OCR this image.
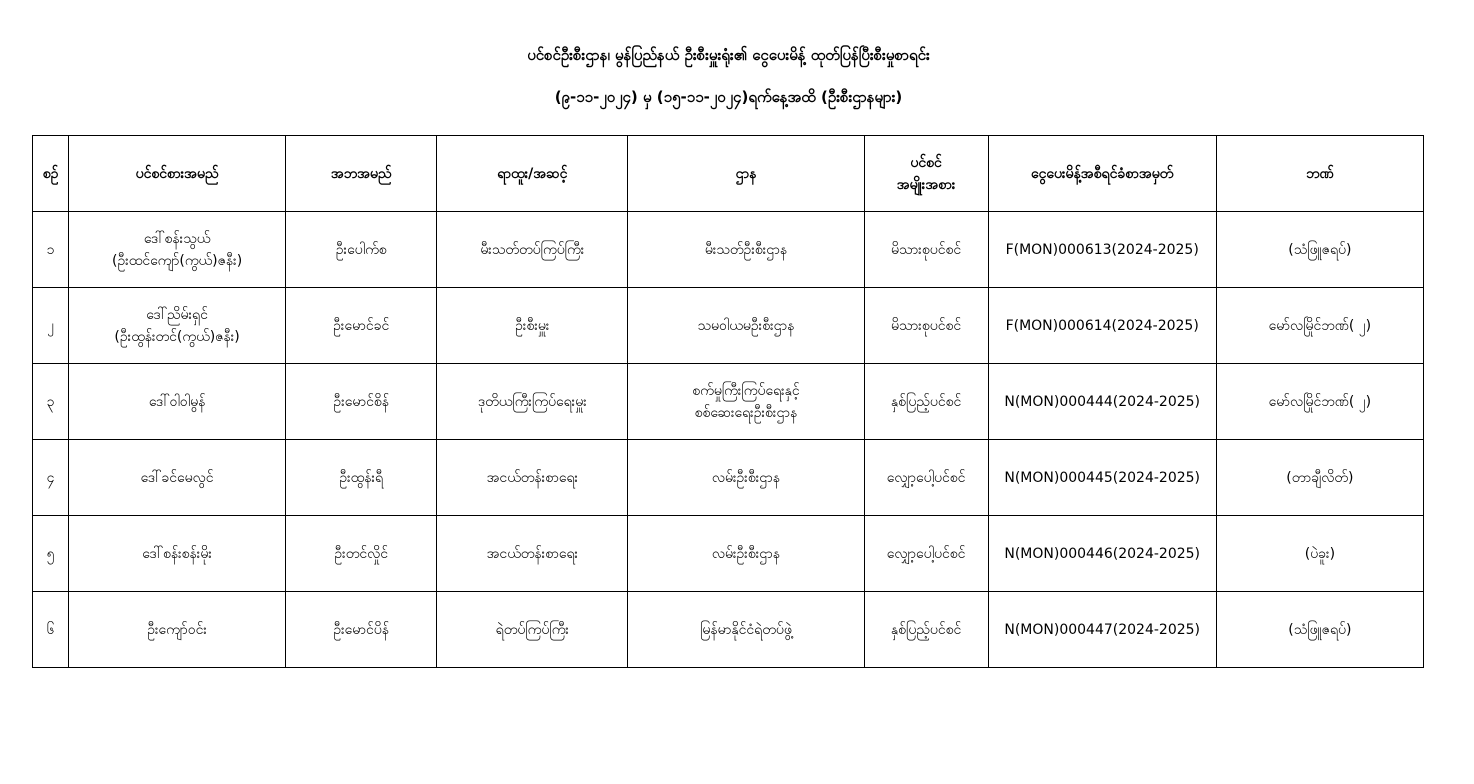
ပင်စင်ဦးစီးဌာန၊ မွန်ပြည်နယ် ဦးစီးမှူးရုံး၏ ငွေပေးမိန့် ထုတ်ပြန်ပြီးစီးမှုစာရင်း
(၉-၁၁-၂၀၂၄) မှ (၁၅-၁၁-၂၀၂၄)ရက်နေ့အထိ (ဦးစီးဌာနများ)
စဉ်	ပင်စင်စားအမည်	အဘအမည်	ရာထူး/အဆင့်	ဌာန	ပင်စင်
အမျိုးအစား	ငွေပေးမိန့်အစီရင်ခံစာအမှတ်	ဘဏ်
၁	ဒေါ်စန်းသွယ်
(ဦးထင်ကျော်(ကွယ်)ဇနီး)	ဦးပေါက်စ	မီးသတ်တပ်ကြပ်ကြီး	မီးသတ်ဦးစီးဌာန	မိသားစုပင်စင်	F(MON)000613(2024-2025)	(သံဖြူဇရပ်)
၂	ဒေါ်ညိမ်းရှင်
(ဦးထွန်းတင်(ကွယ်)ဇနီး)	ဦးမောင်ခင်	ဦးစီးမှူး	သမဝါယမဦးစီးဌာန	မိသားစုပင်စင်	F(MON)000614(2024-2025)	မော်လမြိုင်ဘဏ်( ၂)
၃	ဒေါ်ဝါဝါမွန်	ဦးမောင်စိန်	ဒုတိယကြီးကြပ်ရေးမှူး	စက်မှုကြီးကြပ်ရေးနှင့်
စစ်ဆေးရေးဦးစီးဌာန	နှစ်ပြည့်ပင်စင်	N(MON)000444(2024-2025)	မော်လမြိုင်ဘဏ်( ၂)
၄	ဒေါ်ခင်မေလွင်	ဦးထွန်းရီ	အငယ်တန်းစာရေး	လမ်းဦးစီးဌာန	လျှော့ပေါ့ပင်စင်	N(MON)000445(2024-2025)	(တာချီလိတ်)
၅	ဒေါ်စန်းစန်းမိုး	ဦးတင်လှိုင်	အငယ်တန်းစာရေး	လမ်းဦးစီးဌာန	လျှော့ပေါ့ပင်စင်	N(MON)000446(2024-2025)	(ပဲခူး)
၆	ဦးကျော်ဝင်း	ဦးမောင်ပိန်	ရဲတပ်ကြပ်ကြီး	မြန်မာနိုင်ငံရဲတပ်ဖွဲ့	နှစ်ပြည့်ပင်စင်	N(MON)000447(2024-2025)	(သံဖြူဇရပ်)
